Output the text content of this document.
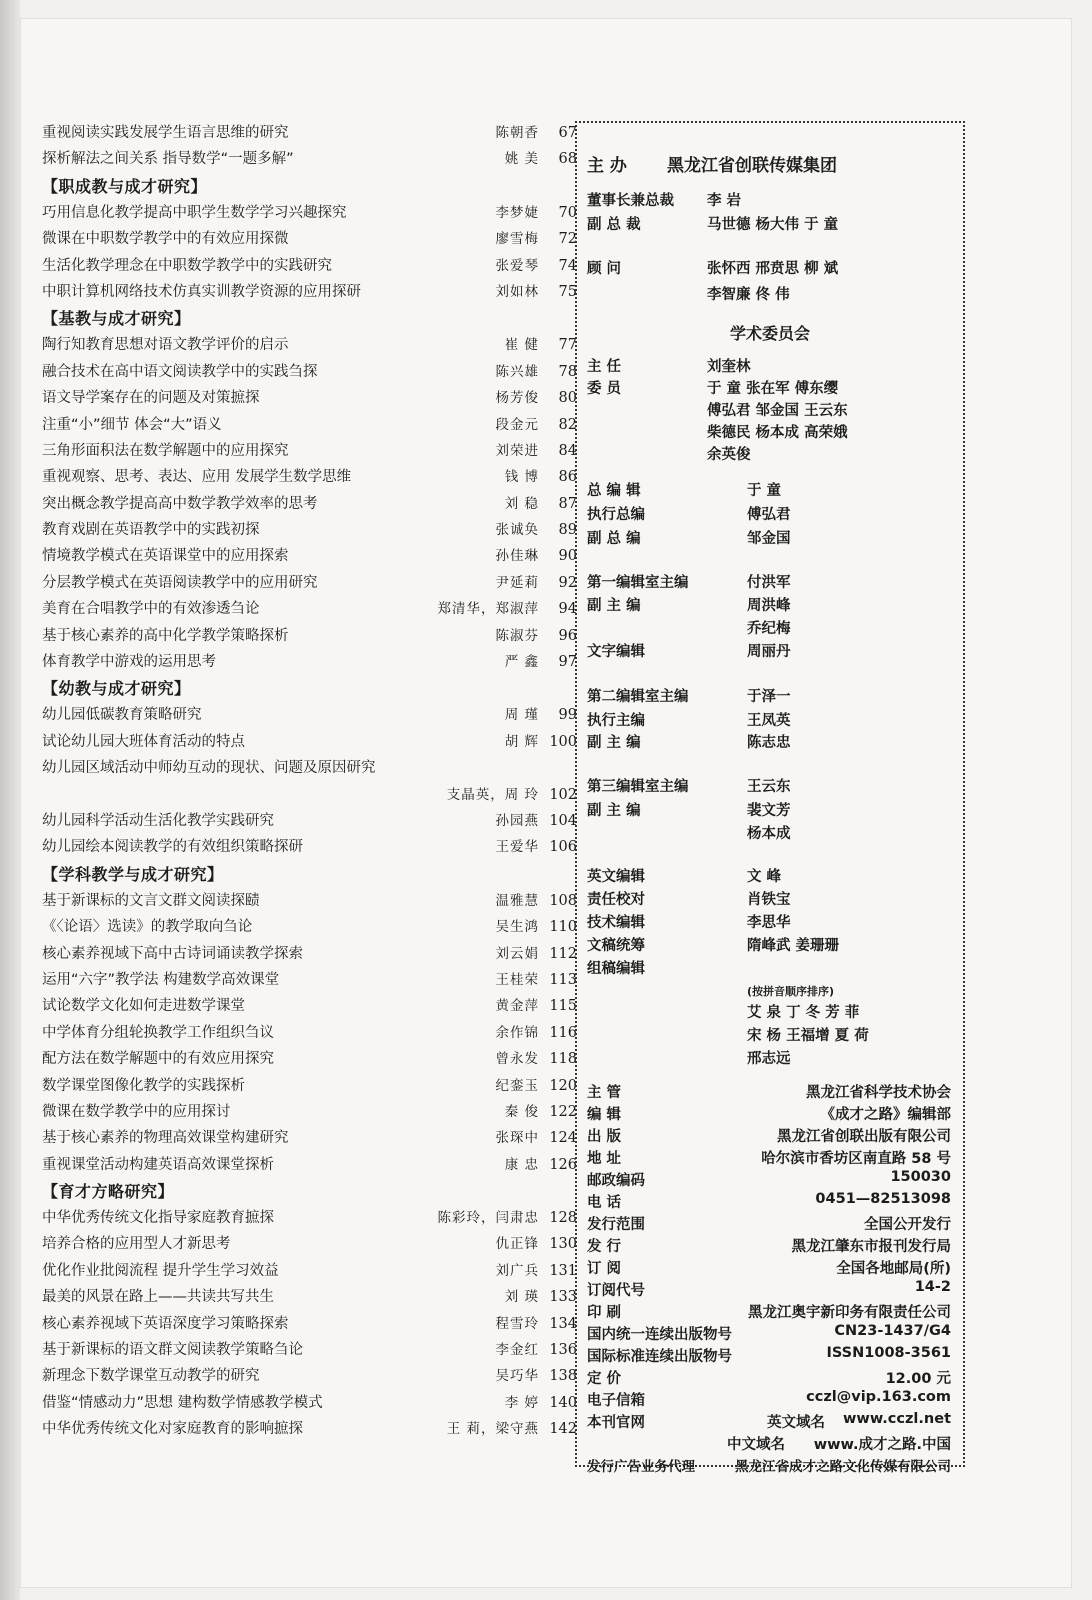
重视阅读实践发展学生语言思维的研究	陈朝香	67
探析解法之间关系 指导数学“一题多解”	姚 美	68
【职成教与成才研究】
巧用信息化教学提高中职学生数学学习兴趣探究	李梦婕	70
微课在中职数学教学中的有效应用探微	廖雪梅	72
生活化教学理念在中职数学教学中的实践研究	张爱琴	74
中职计算机网络技术仿真实训教学资源的应用探研	刘如林	75
【基教与成才研究】
陶行知教育思想对语文教学评价的启示	崔 健	77
融合技术在高中语文阅读教学中的实践刍探	陈兴雄	78
语文导学案存在的问题及对策摭探	杨芳俊	80
注重“小”细节 体会“大”语义	段金元	82
三角形面积法在数学解题中的应用探究	刘荣进	84
重视观察、思考、表达、应用 发展学生数学思维	钱 博	86
突出概念教学提高高中数学教学效率的思考	刘 稳	87
教育戏剧在英语教学中的实践初探	张诚奂	89
情境教学模式在英语课堂中的应用探索	孙佳琳	90
分层教学模式在英语阅读教学中的应用研究	尹延莉	92
美育在合唱教学中的有效渗透刍论	郑清华，郑淑萍	94
基于核心素养的高中化学教学策略探析	陈淑芬	96
体育教学中游戏的运用思考	严 鑫	97
【幼教与成才研究】
幼儿园低碳教育策略研究	周 瑾	99
试论幼儿园大班体育活动的特点	胡 辉 100
幼儿园区域活动中师幼互动的现状、问题及原因研究
支晶英，周 玲 102
幼儿园科学活动生活化教学实践研究	孙园燕 104
幼儿园绘本阅读教学的有效组织策略探研	王爱华 106
【学科教学与成才研究】
基于新课标的文言文群文阅读探赜	温雅慧 108
《〈论语〉选读》的教学取向刍论	吴生鸿 110
核心素养视域下高中古诗词诵读教学探索	刘云娟 112
运用“六字”教学法 构建数学高效课堂	王桂荣 113
试论数学文化如何走进数学课堂	黄金萍 115
中学体育分组轮换教学工作组织刍议	余作锦 116
配方法在数学解题中的有效应用探究	曾永发 118
数学课堂图像化教学的实践探析	纪銮玉 120
微课在数学教学中的应用探讨	秦 俊 122
基于核心素养的物理高效课堂构建研究	张琛中 124
重视课堂活动构建英语高效课堂探析	康 忠 126
【育才方略研究】
中华优秀传统文化指导家庭教育摭探	陈彩玲，闫肃忠 128
培养合格的应用型人才新思考	仇正锋 130
优化作业批阅流程 提升学生学习效益	刘广兵 131
最美的风景在路上——共读共写共生	刘 瑛 133
核心素养视域下英语深度学习策略探索	程雪玲 134
基于新课标的语文群文阅读教学策略刍论	李金红 136
新理念下数学课堂互动教学的研究	吴巧华 138
借鉴“情感动力”思想 建构数学情感教学模式	李 婷 140
中华优秀传统文化对家庭教育的影响摭探	王 莉，梁守燕 142
主 办 黑龙江省创联传媒集团
董事长兼总裁 李 岩
副 总 裁	马世德 杨大伟 于 童
顾 问	张怀西 邢贲思 柳 斌
李智廉 佟 伟
学术委员会
主 任	刘奎林
委 员	于 童 张在军 傅东缨
傅弘君 邹金国 王云东
柴德民 杨本成 高荣娥
余英俊
总 编 辑	于 童
执行总编	傅弘君
副 总 编	邹金国
第一编辑室主编	付洪军
副 主 编	周洪峰
乔纪梅
文字编辑	周丽丹
第二编辑室主编	于泽一
执行主编	王凤英
副 主 编	陈志忠
第三编辑室主编	王云东
副 主 编	裴文芳
杨本成
英文编辑	文 峰
责任校对	肖铁宝
技术编辑	李思华
文稿统筹	隋峰武 姜珊珊
组稿编辑
(按拼音顺序排序)
艾 泉 丁 冬 芳 菲
宋 杨 王福增 夏 荷
邢志远
主 管	黑龙江省科学技术协会
编 辑	《成才之路》编辑部
出 版	黑龙江省创联出版有限公司
地 址	哈尔滨市香坊区南直路 58 号
邮政编码	150030
电 话	0451—82513098
发行范围	全国公开发行
发 行	黑龙江肇东市报刊发行局
订 阅	全国各地邮局(所)
订阅代号	14-2
印 刷	黑龙江奥宇新印务有限责任公司
国内统一连续出版物号	CN23-1437/G4
国际标准连续出版物号	ISSN1008-3561
定 价	12.00 元
电子信箱	cczl@vip.163.com
本刊官网	英文域名 www.cczl.net
中文域名 www.成才之路.中国
发行广告业务代理	黑龙江省成才之路文化传媒有限公司
